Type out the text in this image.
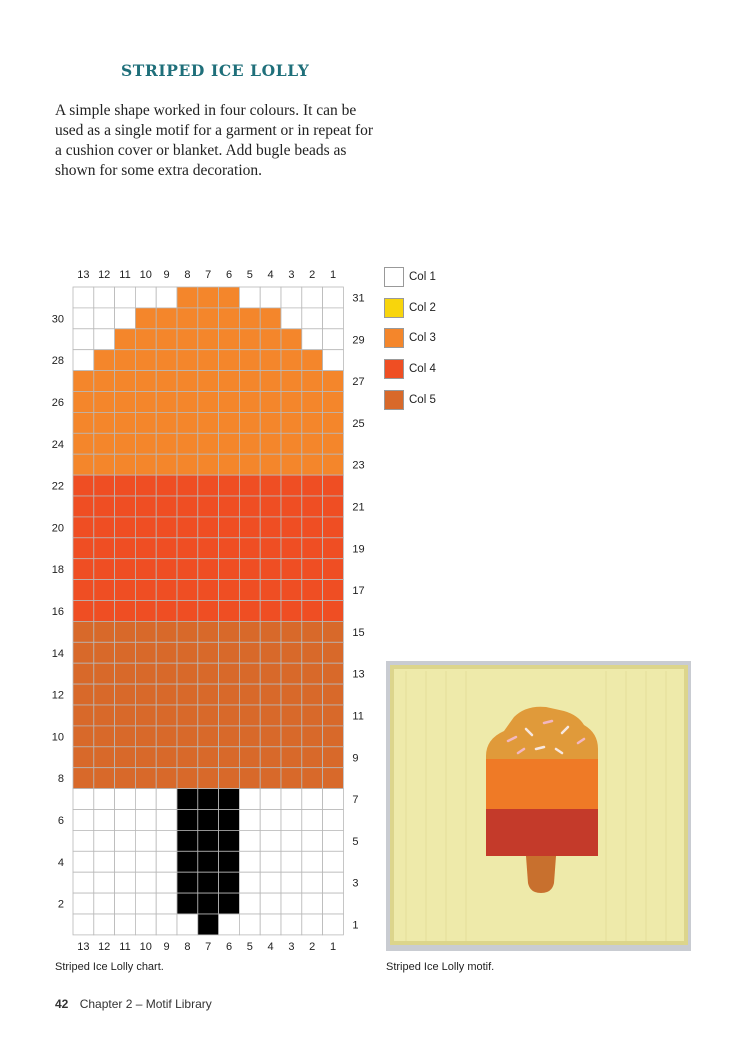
STRIPED ICE LOLLY

A simple shape worked in four colours. It can be used as a single motif for a garment or in repeat for a cushion cover or blanket. Add bugle beads as shown for some extra decoration.

13
13
12
12
11
11
10
10
9
9
8
8
7
7
6
6
5
5
4
4
3
3
2
2
1
1
30
28
26
24
22
20
18
16
14
12
10
8
6
4
2
31
29
27
25
23
21
19
17
15
13
11
9
7
5
3
1
Col 1
Col 2
Col 3
Col 4
Col 5

Striped Ice Lolly chart.	Striped Ice Lolly motif.

42 Chapter 2 – Motif Library
